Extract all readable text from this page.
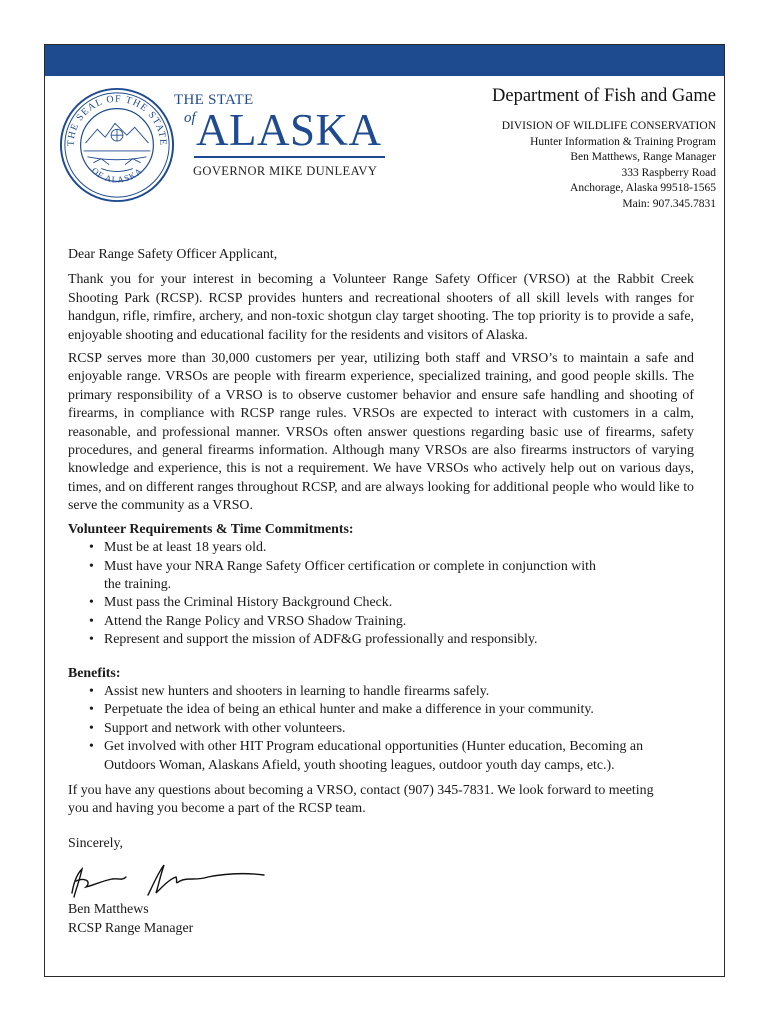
THE SEAL OF THE STATE
OF ALASKA
THE STATE
of ALASKA
GOVERNOR MIKE DUNLEAVY
Department of Fish and Game
DIVISION OF WILDLIFE CONSERVATION
Hunter Information & Training Program
Ben Matthews, Range Manager
333 Raspberry Road
Anchorage, Alaska 99518-1565
Main: 907.345.7831

Dear Range Safety Officer Applicant,

Thank you for your interest in becoming a Volunteer Range Safety Officer (VRSO) at the Rabbit Creek Shooting Park (RCSP). RCSP provides hunters and recreational shooters of all skill levels with ranges for handgun, rifle, rimfire, archery, and non-toxic shotgun clay target shooting. The top priority is to provide a safe, enjoyable shooting and educational facility for the residents and visitors of Alaska.

RCSP serves more than 30,000 customers per year, utilizing both staff and VRSO’s to maintain a safe and enjoyable range. VRSOs are people with firearm experience, specialized training, and good people skills. The primary responsibility of a VRSO is to observe customer behavior and ensure safe handling and shooting of firearms, in compliance with RCSP range rules. VRSOs are expected to interact with customers in a calm, reasonable, and professional manner. VRSOs often answer questions regarding basic use of firearms, safety procedures, and general firearms information. Although many VRSOs are also firearms instructors of varying knowledge and experience, this is not a requirement. We have VRSOs who actively help out on various days, times, and on different ranges throughout RCSP, and are always looking for additional people who would like to serve the community as a VRSO.

Volunteer Requirements & Time Commitments:

• Must be at least 18 years old.
• Must have your NRA Range Safety Officer certification or complete in conjunction with the training.
• Must pass the Criminal History Background Check.
• Attend the Range Policy and VRSO Shadow Training.
• Represent and support the mission of ADF&G professionally and responsibly.

Benefits:

• Assist new hunters and shooters in learning to handle firearms safely.
• Perpetuate the idea of being an ethical hunter and make a difference in your community.
• Support and network with other volunteers.
• Get involved with other HIT Program educational opportunities (Hunter education, Becoming an Outdoors Woman, Alaskans Afield, youth shooting leagues, outdoor youth day camps, etc.).

If you have any questions about becoming a VRSO, contact (907) 345-7831. We look forward to meeting you and having you become a part of the RCSP team.

Sincerely,

Ben Matthews

RCSP Range Manager
